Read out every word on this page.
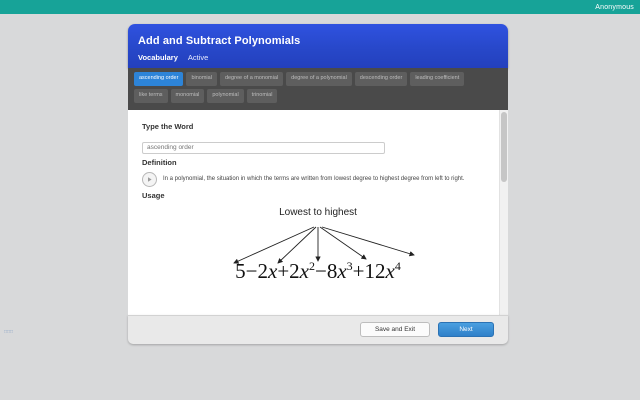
Anonymous
Add and Subtract Polynomials
Vocabulary Active
ascending order	binomial	degree of a monomial	degree of a polynomial	descending order	leading coefficient
like terms	monomial	polynomial	trinomial
Type the Word
ascending order
Definition
In a polynomial, the situation in which the terms are written from lowest degree to highest degree from left to right.
Usage
Lowest to highest
$5-2x+2x^2-8x^3+12x^4$
Save and Exit	Next
□□□
